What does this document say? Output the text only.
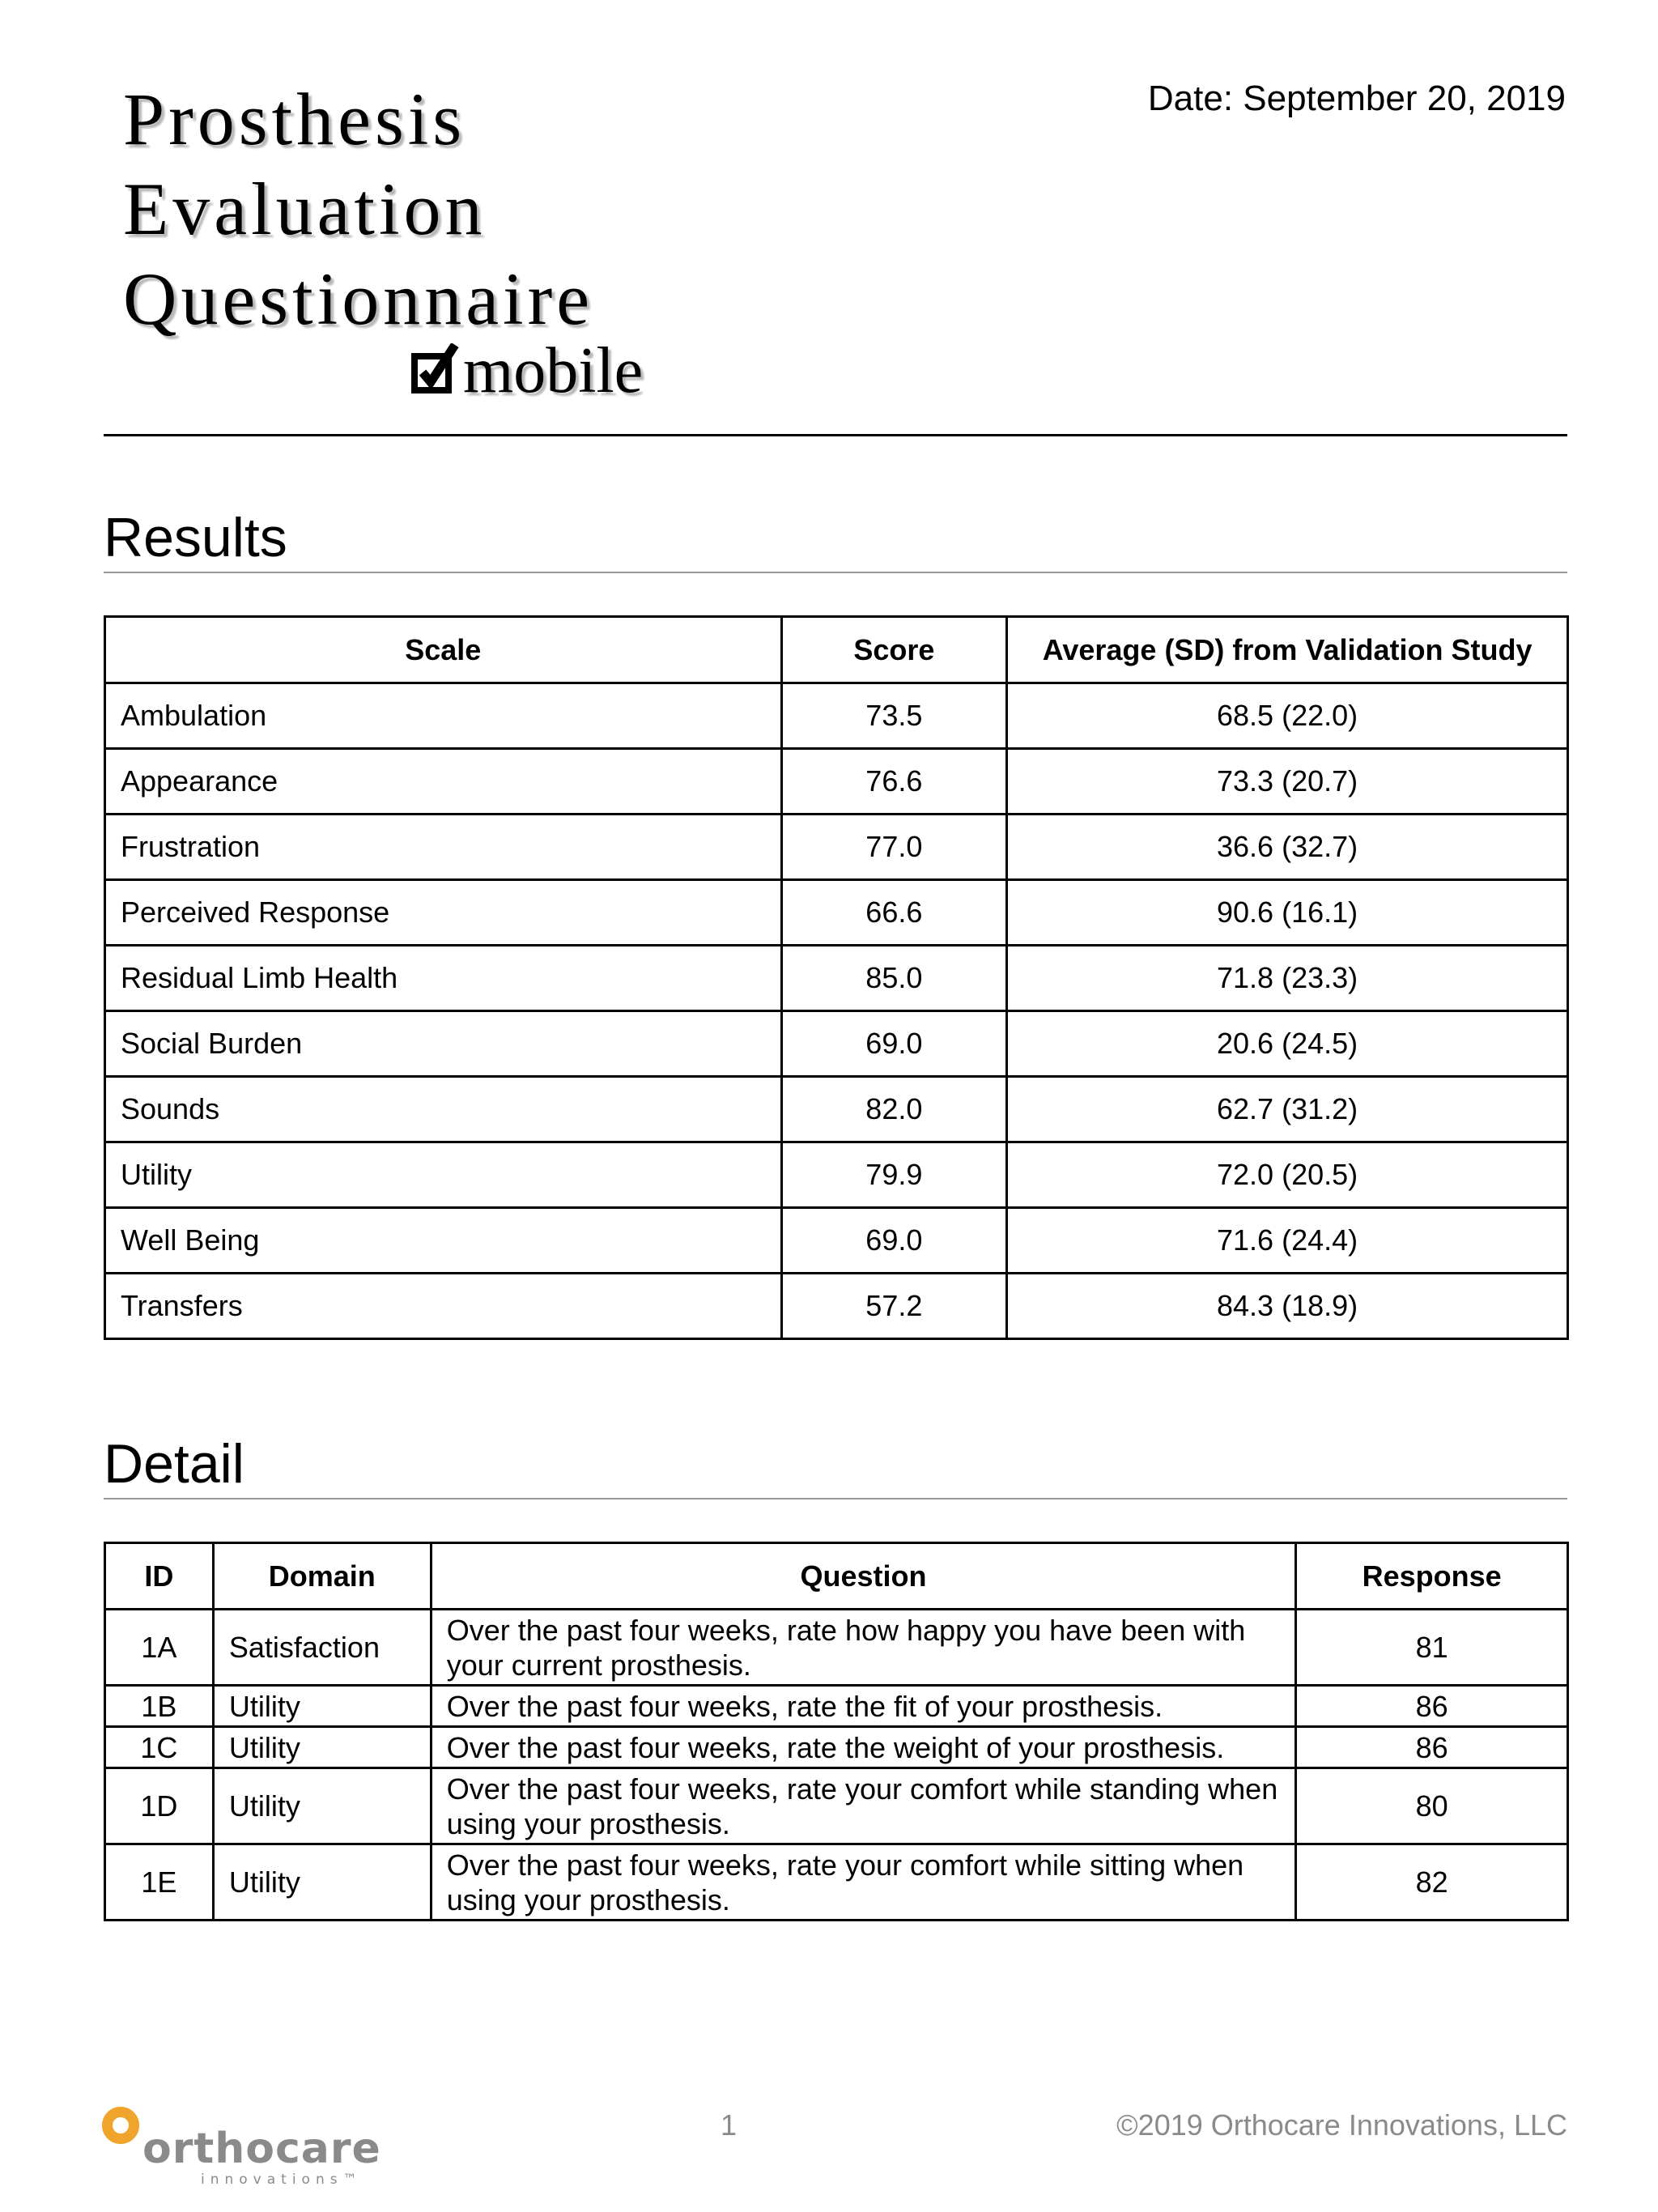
Prosthesis
Evaluation
Questionnaire
mobile
Date: September 20, 2019
Results
Scale	Score	Average (SD) from Validation Study
Ambulation	73.5	68.5 (22.0)
Appearance	76.6	73.3 (20.7)
Frustration	77.0	36.6 (32.7)
Perceived Response	66.6	90.6 (16.1)
Residual Limb Health	85.0	71.8 (23.3)
Social Burden	69.0	20.6 (24.5)
Sounds	82.0	62.7 (31.2)
Utility	79.9	72.0 (20.5)
Well Being	69.0	71.6 (24.4)
Transfers	57.2	84.3 (18.9)
Detail
ID	Domain	Question	Response
1A	Satisfaction	Over the past four weeks, rate how happy you have been with your current prosthesis.	81
1B	Utility	Over the past four weeks, rate the fit of your prosthesis.	86
1C	Utility	Over the past four weeks, rate the weight of your prosthesis.	86
1D	Utility	Over the past four weeks, rate your comfort while standing when using your prosthesis.	80
1E	Utility	Over the past four weeks, rate your comfort while sitting when using your prosthesis.	82
orthocare
innovations™
1	©2019 Orthocare Innovations, LLC
